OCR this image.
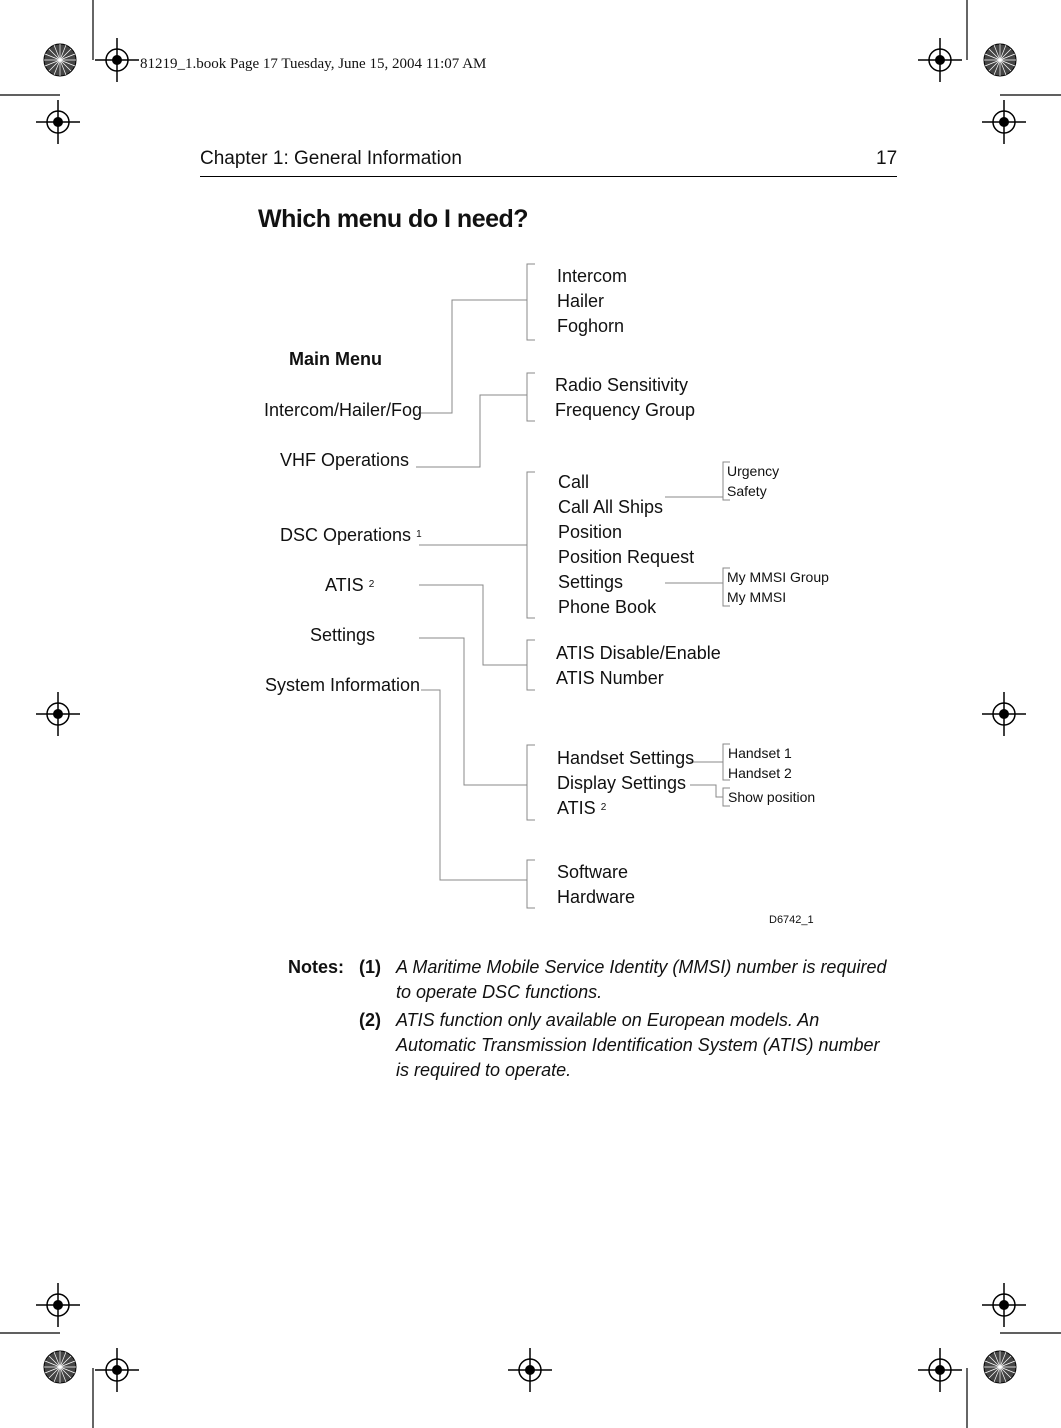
81219_1.book Page 17 Tuesday, June 15, 2004 11:07 AM
Chapter 1: General Information	17
Which menu do I need?
Main Menu
Intercom/Hailer/Fog
VHF Operations
DSC Operations $^1$
ATIS $^2$
Settings
System Information
Intercom
Hailer
Foghorn
Radio Sensitivity
Frequency Group
Call
Call All Ships
Position
Position Request
Settings
Phone Book
ATIS Disable/Enable
ATIS Number
Handset Settings
Display Settings
ATIS $^2$
Software
Hardware
Urgency
Safety
My MMSI Group
My MMSI
Handset 1
Handset 2
Show position
D6742_1
Notes: (1) A Maritime Mobile Service Identity (MMSI) number is required to operate DSC functions.
(2) ATIS function only available on European models. An Automatic Transmission Identification System (ATIS) number is required to operate.
